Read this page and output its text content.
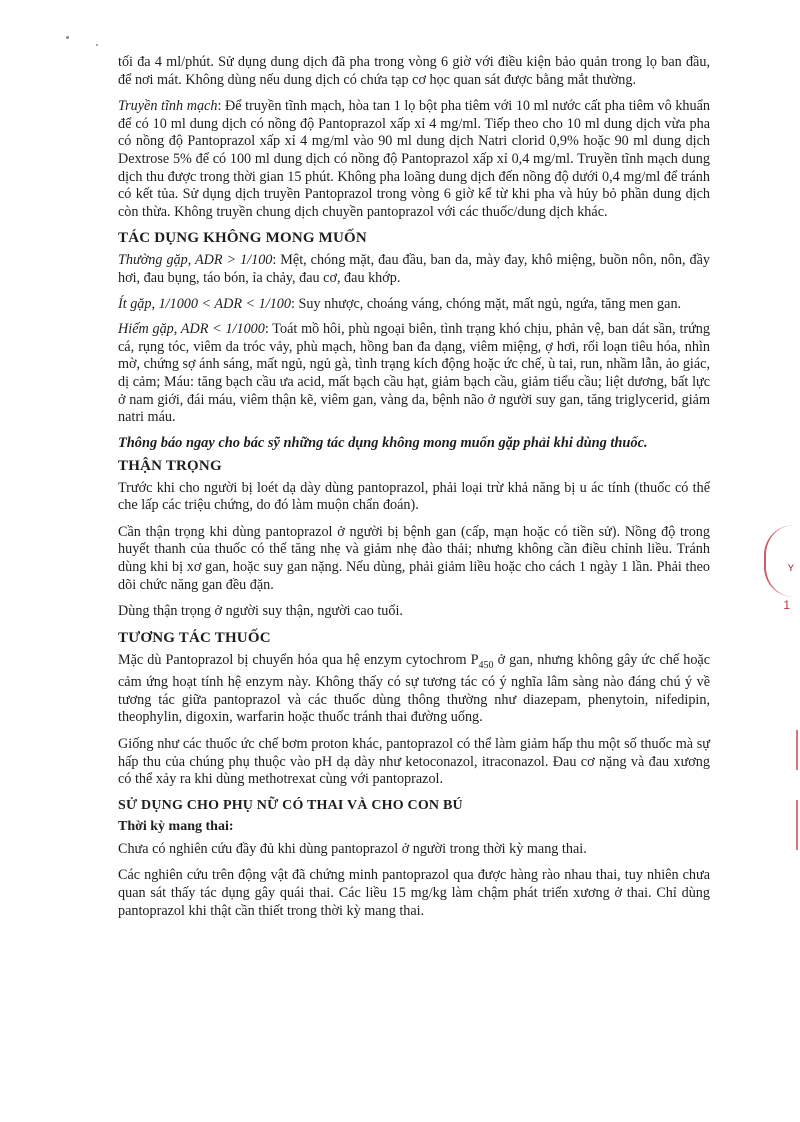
ʏ
1

tối đa 4 ml/phút. Sử dụng dung dịch đã pha trong vòng 6 giờ với điều kiện bảo quản trong lọ ban đầu, để nơi mát. Không dùng nếu dung dịch có chứa tạp cơ học quan sát được bằng mắt thường.

Truyền tĩnh mạch: Để truyền tĩnh mạch, hòa tan 1 lọ bột pha tiêm với 10 ml nước cất pha tiêm vô khuẩn để có 10 ml dung dịch có nồng độ Pantoprazol xấp xỉ 4 mg/ml. Tiếp theo cho 10 ml dung dịch vừa pha có nồng độ Pantoprazol xấp xỉ 4 mg/ml vào 90 ml dung dịch Natri clorid 0,9% hoặc 90 ml dung dịch Dextrose 5% để có 100 ml dung dịch có nồng độ Pantoprazol xấp xỉ 0,4 mg/ml. Truyền tĩnh mạch dung dịch thu được trong thời gian 15 phút. Không pha loãng dung dịch đến nồng độ dưới 0,4 mg/ml để tránh có kết tủa. Sử dụng dịch truyền Pantoprazol trong vòng 6 giờ kể từ khi pha và hủy bỏ phần dung dịch còn thừa. Không truyền chung dịch chuyền pantoprazol với các thuốc/dung dịch khác.

TÁC DỤNG KHÔNG MONG MUỐN

Thường gặp, ADR > 1/100: Mệt, chóng mặt, đau đầu, ban da, mày đay, khô miệng, buồn nôn, nôn, đầy hơi, đau bụng, táo bón, ỉa chảy, đau cơ, đau khớp.

Ít gặp, 1/1000 < ADR < 1/100: Suy nhược, choáng váng, chóng mặt, mất ngủ, ngứa, tăng men gan.

Hiếm gặp, ADR < 1/1000: Toát mồ hôi, phù ngoại biên, tình trạng khó chịu, phản vệ, ban dát sần, trứng cá, rụng tóc, viêm da tróc vảy, phù mạch, hồng ban đa dạng, viêm miệng, ợ hơi, rối loạn tiêu hóa, nhìn mờ, chứng sợ ánh sáng, mất ngủ, ngủ gà, tình trạng kích động hoặc ức chế, ù tai, run, nhầm lẫn, ảo giác, dị cảm; Máu: tăng bạch cầu ưa acid, mất bạch cầu hạt, giảm bạch cầu, giảm tiểu cầu; liệt dương, bất lực ở nam giới, đái máu, viêm thận kẽ, viêm gan, vàng da, bệnh não ở người suy gan, tăng triglycerid, giảm natri máu.

Thông báo ngay cho bác sỹ những tác dụng không mong muốn gặp phải khi dùng thuốc.
THẬN TRỌNG

Trước khi cho người bị loét dạ dày dùng pantoprazol, phải loại trừ khả năng bị u ác tính (thuốc có thể che lấp các triệu chứng, do đó làm muộn chẩn đoán).

Cần thận trọng khi dùng pantoprazol ở người bị bệnh gan (cấp, mạn hoặc có tiền sử). Nồng độ trong huyết thanh của thuốc có thể tăng nhẹ và giảm nhẹ đào thải; nhưng không cần điều chỉnh liều. Tránh dùng khi bị xơ gan, hoặc suy gan nặng. Nếu dùng, phải giảm liều hoặc cho cách 1 ngày 1 lần. Phải theo dõi chức năng gan đều đặn.

Dùng thận trọng ở người suy thận, người cao tuổi.

TƯƠNG TÁC THUỐC

Mặc dù Pantoprazol bị chuyển hóa qua hệ enzym cytochrom $P_{450}$ ở gan, nhưng không gây ức chế hoặc cảm ứng hoạt tính hệ enzym này. Không thấy có sự tương tác có ý nghĩa lâm sàng nào đáng chú ý về tương tác giữa pantoprazol và các thuốc dùng thông thường như diazepam, phenytoin, nifedipin, theophylin, digoxin, warfarin hoặc thuốc tránh thai đường uống.

Giống như các thuốc ức chế bơm proton khác, pantoprazol có thể làm giảm hấp thu một số thuốc mà sự hấp thu của chúng phụ thuộc vào pH dạ dày như ketoconazol, itraconazol. Đau cơ nặng và đau xương có thể xảy ra khi dùng methotrexat cùng với pantoprazol.

SỬ DỤNG CHO PHỤ NỮ CÓ THAI VÀ CHO CON BÚ
Thời kỳ mang thai:

Chưa có nghiên cứu đầy đủ khi dùng pantoprazol ở người trong thời kỳ mang thai.

Các nghiên cứu trên động vật đã chứng minh pantoprazol qua được hàng rào nhau thai, tuy nhiên chưa quan sát thấy tác dụng gây quái thai. Các liều 15 mg/kg làm chậm phát triển xương ở thai. Chỉ dùng pantoprazol khi thật cần thiết trong thời kỳ mang thai.
